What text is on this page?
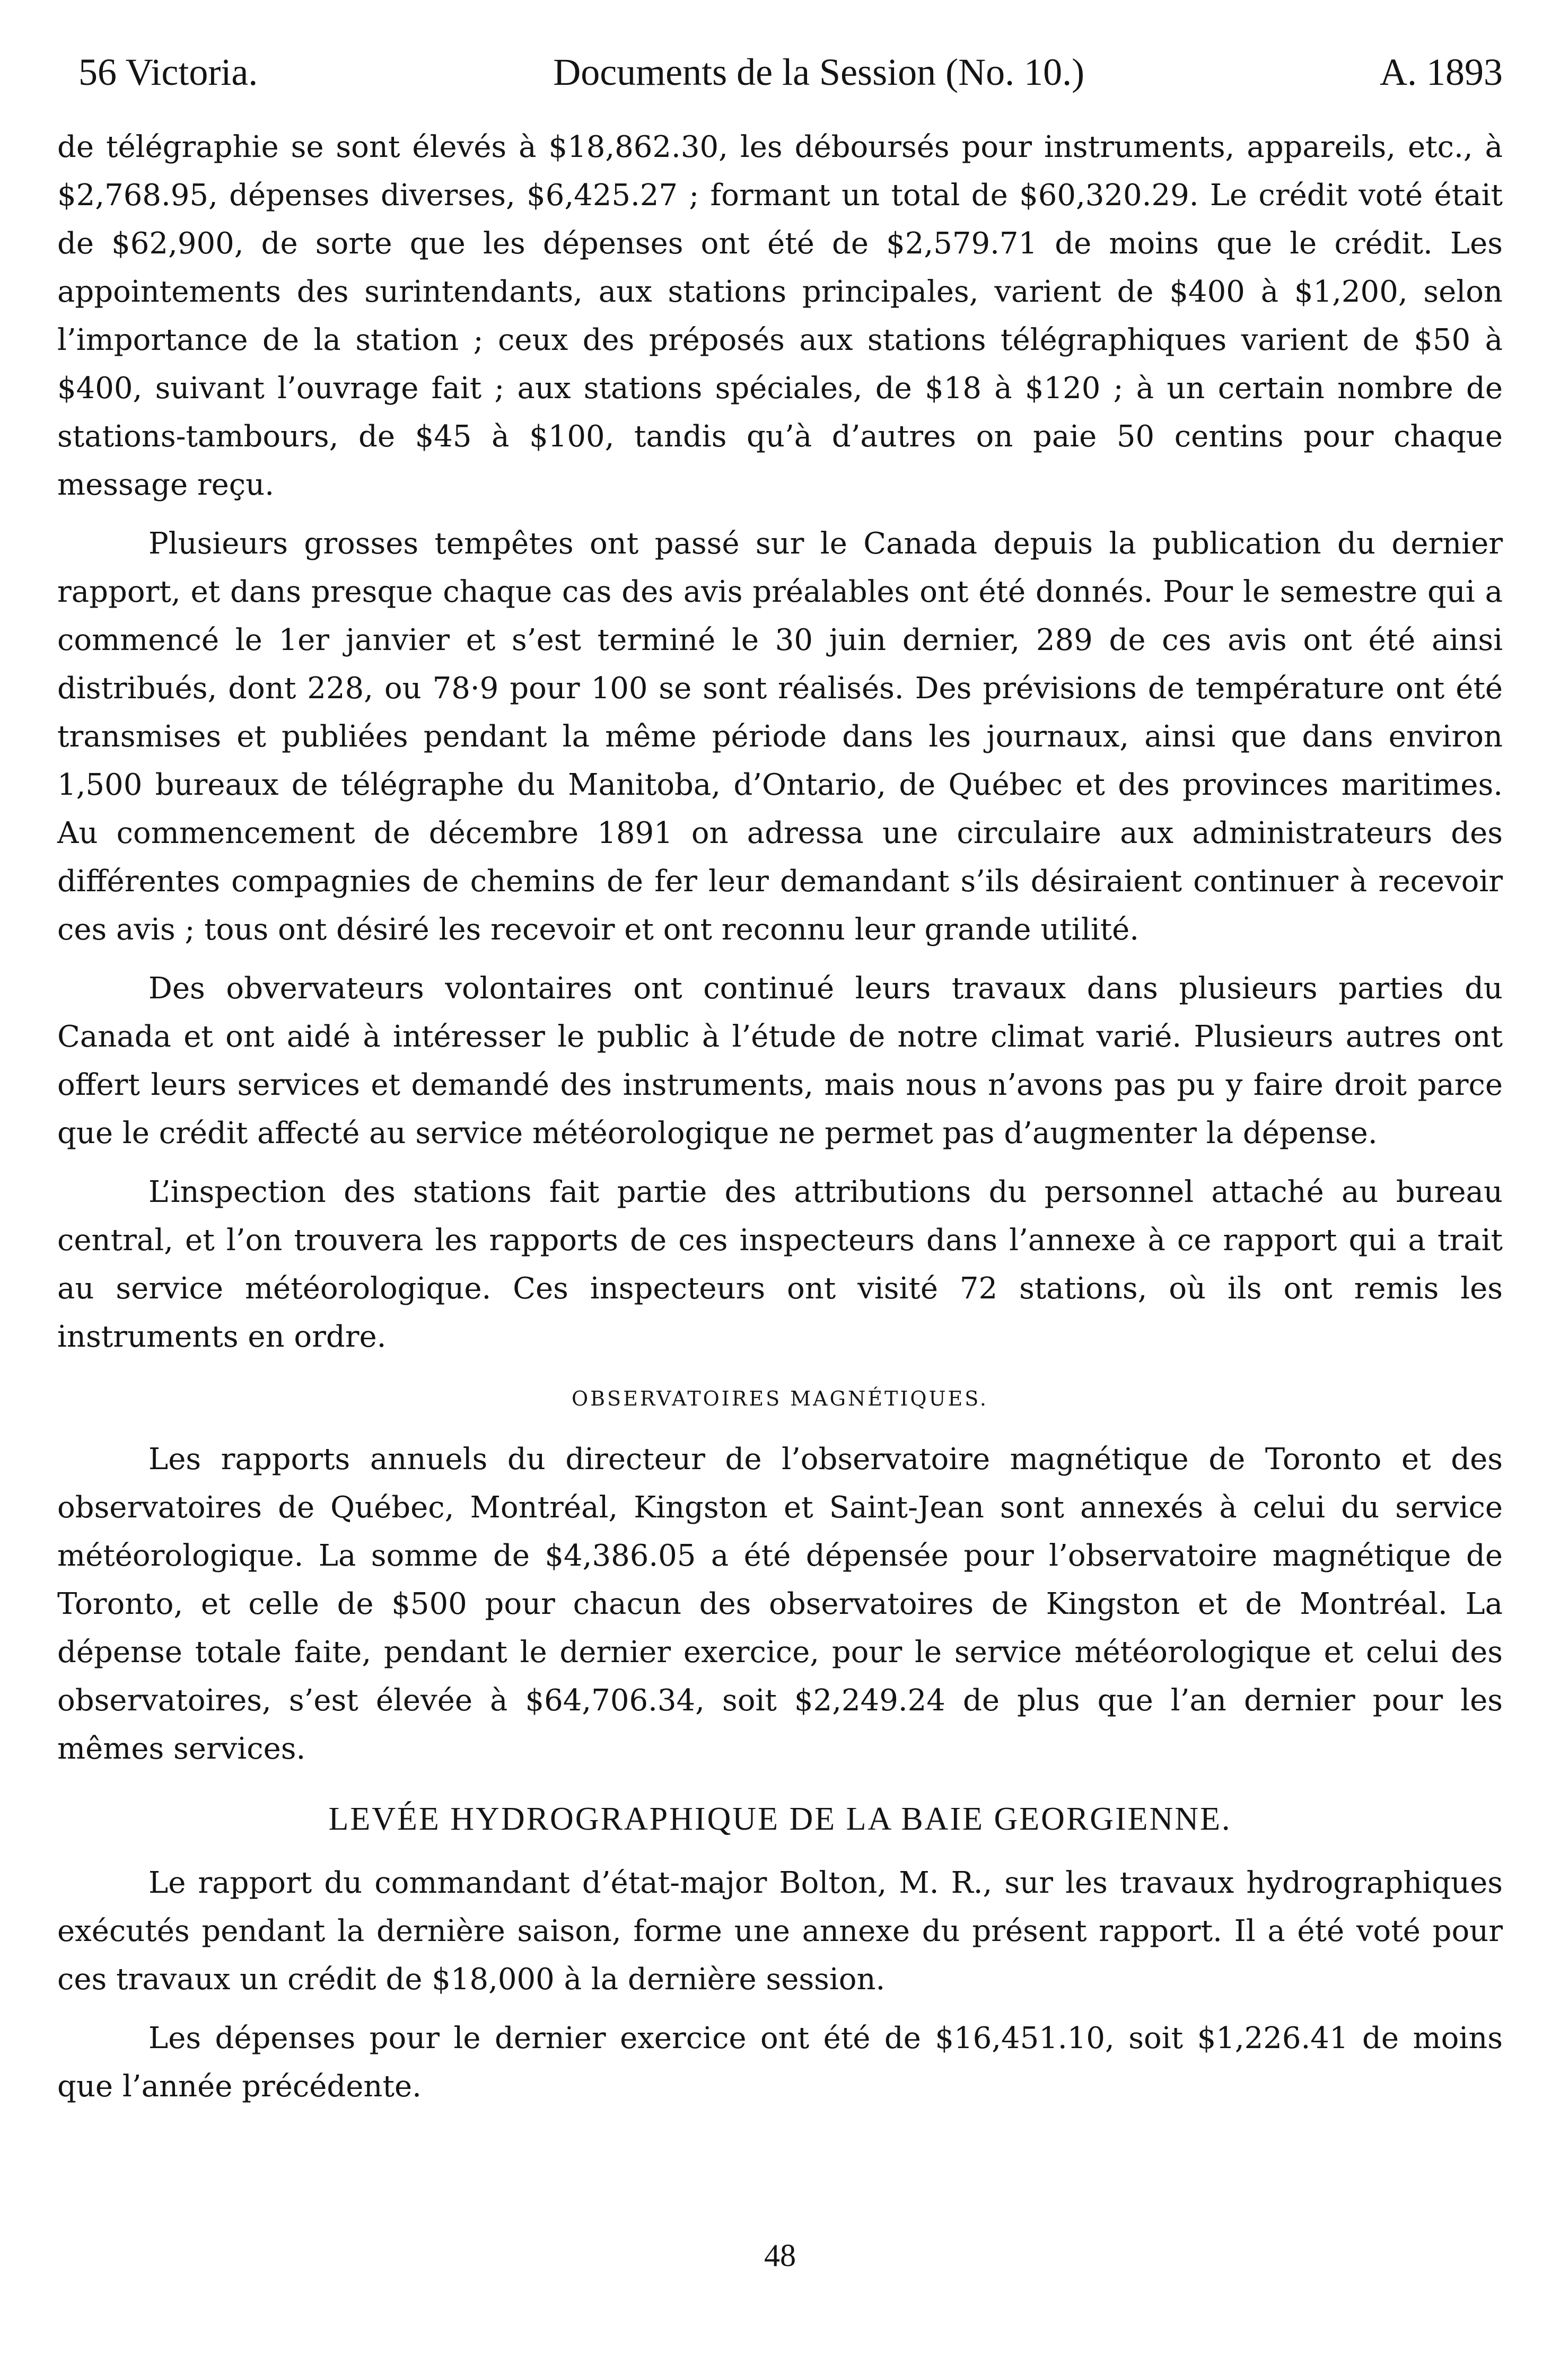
56 Victoria.	Documents de la Session (No. 10.)	A. 1893

de télégraphie se sont élevés à $18,862.30, les déboursés pour instruments, appareils, etc., à $2,768.95, dépenses diverses, $6,425.27 ; formant un total de $60,320.29. Le crédit voté était de $62,900, de sorte que les dépenses ont été de $2,579.71 de moins que le crédit. Les appointements des surintendants, aux stations principales, varient de $400 à $1,200, selon l’importance de la station ; ceux des préposés aux stations télégraphiques varient de $50 à $400, suivant l’ouvrage fait ; aux stations spéciales, de $18 à $120 ; à un certain nombre de stations-tambours, de $45 à $100, tandis qu’à d’autres on paie 50 centins pour chaque message reçu.

Plusieurs grosses tempêtes ont passé sur le Canada depuis la publication du dernier rapport, et dans presque chaque cas des avis préalables ont été donnés. Pour le semestre qui a commencé le 1er janvier et s’est terminé le 30 juin dernier, 289 de ces avis ont été ainsi distribués, dont 228, ou 78·9 pour 100 se sont réalisés. Des prévisions de température ont été transmises et publiées pendant la même période dans les journaux, ainsi que dans environ 1,500 bureaux de télégraphe du Manitoba, d’Ontario, de Québec et des provinces maritimes. Au commencement de décembre 1891 on adressa une circulaire aux administrateurs des différentes compagnies de chemins de fer leur demandant s’ils désiraient continuer à recevoir ces avis ; tous ont désiré les recevoir et ont reconnu leur grande utilité.

Des obvervateurs volontaires ont continué leurs travaux dans plusieurs parties du Canada et ont aidé à intéresser le public à l’étude de notre climat varié. Plusieurs autres ont offert leurs services et demandé des instruments, mais nous n’avons pas pu y faire droit parce que le crédit affecté au service météorologique ne permet pas d’augmenter la dépense.

L’inspection des stations fait partie des attributions du personnel attaché au bureau central, et l’on trouvera les rapports de ces inspecteurs dans l’annexe à ce rapport qui a trait au service météorologique. Ces inspecteurs ont visité 72 stations, où ils ont remis les instruments en ordre.

OBSERVATOIRES MAGNÉTIQUES.

Les rapports annuels du directeur de l’observatoire magnétique de Toronto et des observatoires de Québec, Montréal, Kingston et Saint-Jean sont annexés à celui du service météorologique. La somme de $4,386.05 a été dépensée pour l’observatoire magnétique de Toronto, et celle de $500 pour chacun des observatoires de Kingston et de Montréal. La dépense totale faite, pendant le dernier exercice, pour le service météorologique et celui des observatoires, s’est élevée à $64,706.34, soit $2,249.24 de plus que l’an dernier pour les mêmes services.

LEVÉE HYDROGRAPHIQUE DE LA BAIE GEORGIENNE.

Le rapport du commandant d’état-major Bolton, M. R., sur les travaux hydrographiques exécutés pendant la dernière saison, forme une annexe du présent rapport. Il a été voté pour ces travaux un crédit de $18,000 à la dernière session.

Les dépenses pour le dernier exercice ont été de $16,451.10, soit $1,226.41 de moins que l’année précédente.

48
